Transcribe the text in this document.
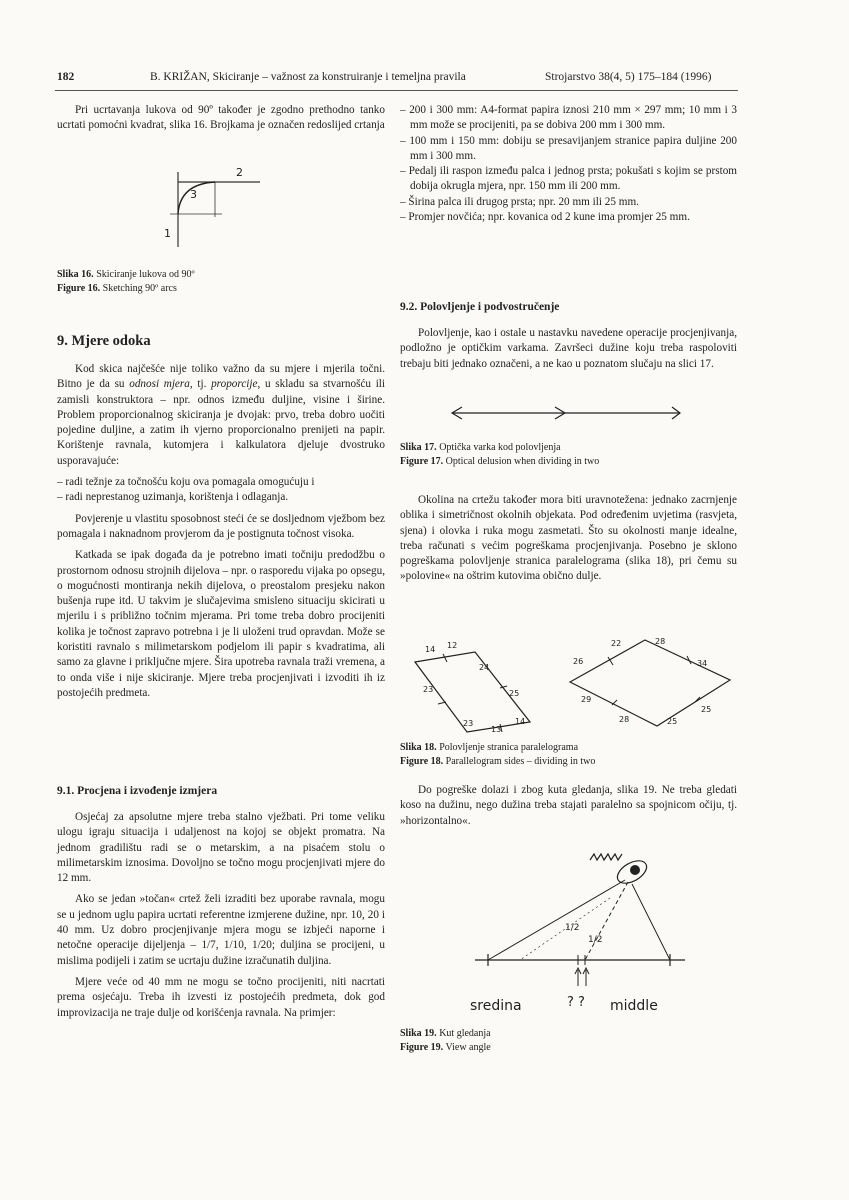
182	B. KRIŽAN, Skiciranje – važnost za konstruiranje i temeljna pravila	Strojarstvo 38(4, 5) 175–184 (1996)

Pri ucrtavanja lukova od 90º također je zgodno prethodno tanko ucrtati pomoćni kvadrat, slika 16. Brojkama je označen redoslijed crtanja

2
3
1
Slika 16. Skiciranje lukova od 90º
Figure 16. Sketching 90º arcs
9. Mjere odoka

Kod skica najčešće nije toliko važno da su mjere i mjerila točni. Bitno je da su odnosi mjera, tj. proporcije, u skladu sa stvarnošću ili zamisli konstruktora – npr. odnos između duljine, visine i širine. Problem proporcionalnog skiciranja je dvojak: prvo, treba dobro uočiti pojedine duljine, a zatim ih vjerno proporcionalno prenijeti na papir. Korištenje ravnala, kutomjera i kalkulatora djeluje dvostruko usporavajuće:

– radi težnje za točnošću koju ova pomagala omogućuju i
– radi neprestanog uzimanja, korištenja i odlaganja.

Povjerenje u vlastitu sposobnost steći će se dosljednom vježbom bez pomagala i naknadnom provjerom da je postignuta točnost visoka.

Katkada se ipak događa da je potrebno imati točniju predodžbu o prostornom odnosu strojnih dijelova – npr. o rasporedu vijaka po opsegu, o mogućnosti montiranja nekih dijelova, o preostalom presjeku nakon bušenja rupe itd. U takvim je slučajevima smisleno situaciju skicirati u mjerilu i s približno točnim mjerama. Pri tome treba dobro procijeniti kolika je točnost zapravo potrebna i je li uloženi trud opravdan. Može se koristiti ravnalo s milimetarskom podjelom ili papir s kvadratima, ali samo za glavne i priključne mjere. Šira upotreba ravnala traži vremena, a to onda više i nije skiciranje. Mjere treba procjenjivati i izvoditi ih iz postojećih predmeta.

9.1. Procjena i izvođenje izmjera

Osjećaj za apsolutne mjere treba stalno vježbati. Pri tome veliku ulogu igraju situacija i udaljenost na kojoj se objekt promatra. Na jednom gradilištu radi se o metarskim, a na pisaćem stolu o milimetarskim iznosima. Dovoljno se točno mogu procjenjivati mjere do 12 mm.

Ako se jedan »točan« crtež želi izraditi bez uporabe ravnala, mogu se u jednom uglu papira ucrtati referentne izmjerene dužine, npr. 10, 20 i 40 mm. Uz dobro procjenjivanje mjera mogu se izbjeći naporne i netočne operacije dijeljenja – 1/7, 1/10, 1/20; duljina se procijeni, u mislima podijeli i zatim se ucrtaju dužine izračunatih duljina.

Mjere veće od 40 mm ne mogu se točno procijeniti, niti nacrtati prema osjećaju. Treba ih izvesti iz postojećih predmeta, dok god improvizacija ne traje dulje od korišćenja ravnala. Na primjer:

– 200 i 300 mm: A4-format papira iznosi 210 mm × 297 mm; 10 mm i 3 mm može se procijeniti, pa se dobiva 200 mm i 300 mm.
– 100 mm i 150 mm: dobiju se presavijanjem stranice papira duljine 200 mm i 300 mm.
– Pedalj ili raspon između palca i jednog prsta; pokušati s kojim se prstom dobija okrugla mjera, npr. 150 mm ili 200 mm.
– Širina palca ili drugog prsta; npr. 20 mm ili 25 mm.
– Promjer novčića; npr. kovanica od 2 kune ima promjer 25 mm.
9.2. Polovljenje i podvostručenje

Polovljenje, kao i ostale u nastavku navedene operacije procjenjivanja, podložno je optičkim varkama. Završeci dužine koju treba raspoloviti trebaju biti jednako označeni, a ne kao u poznatom slučaju na slici 17.

Slika 17. Optička varka kod polovljenja
Figure 17. Optical delusion when dividing in two

Okolina na crtežu također mora biti uravnotežena: jednako zacrnjenje oblika i simetričnost okolnih objekata. Pod određenim uvjetima (rasvjeta, sjena) i olovka i ruka mogu zasmetati. Što su okolnosti manje idealne, treba računati s većim pogreškama procjenjivanja. Posebno je sklono pogreškama polovljenje stranica paralelograma (slika 18), pri čemu su »polovine« na oštrim kutovima obično dulje.

14 12
24
25
23
23
13
14
22	28
26	34
29
28	25
25
Slika 18. Polovljenje stranica paralelograma
Figure 18. Parallelogram sides – dividing in two

Do pogreške dolazi i zbog kuta gledanja, slika 19. Ne treba gledati koso na dužinu, nego dužina treba stajati paralelno sa spojnicom očiju, tj. »horizontalno«.

1/2
1/2
sredina	? ? middle
Slika 19. Kut gledanja
Figure 19. View angle
